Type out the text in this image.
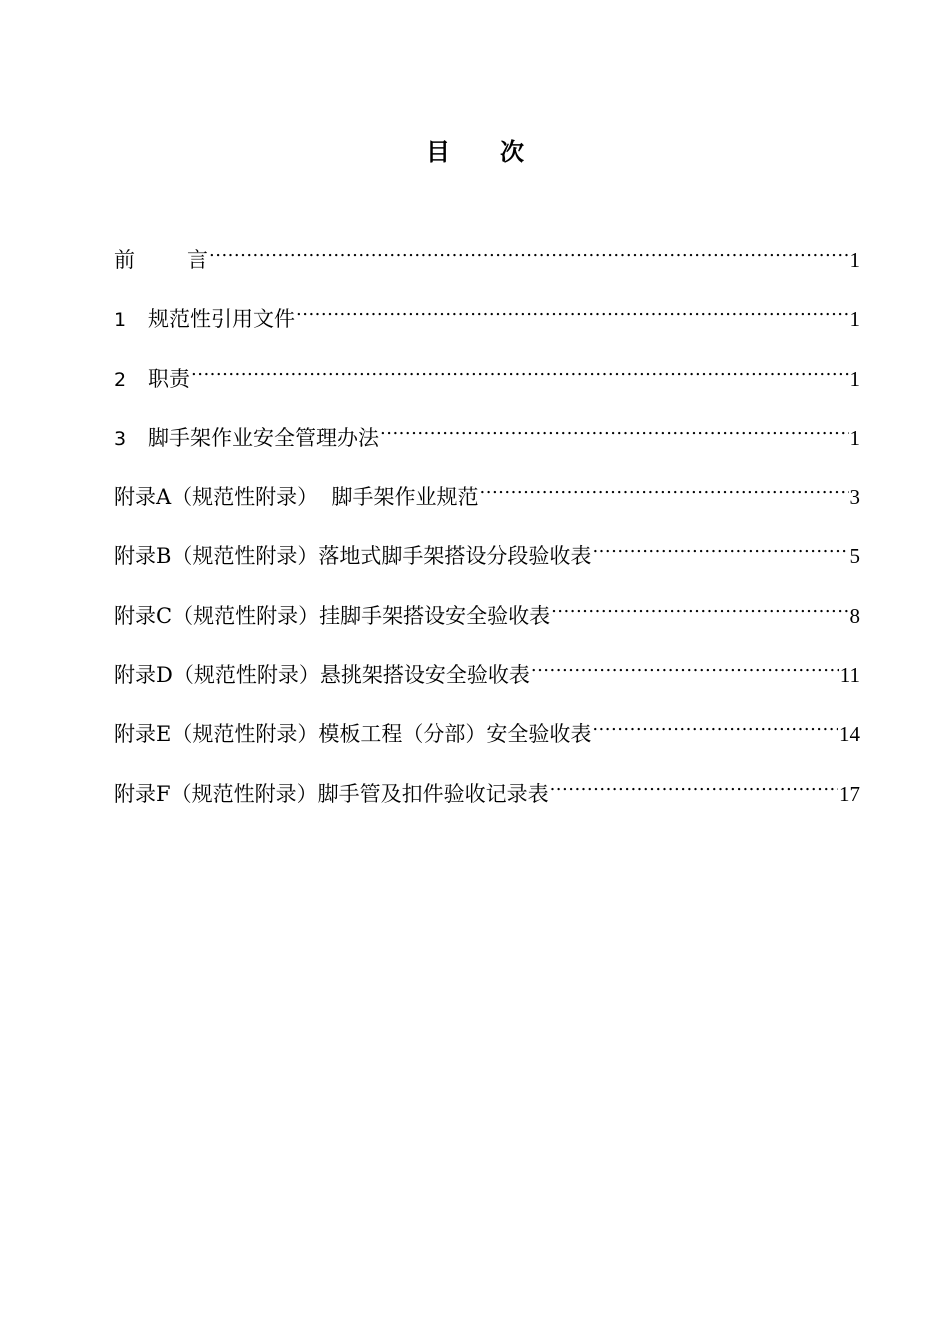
目 次
前 言 .....	1
1	规范性引用文件 .....	1
2	职责 .....	1
3	脚手架作业安全管理办法 .....	1
附录A（规范性附录）  脚手架作业规范 .....	3
附录B（规范性附录）落地式脚手架搭设分段验收表 .....	5
附录C（规范性附录）挂脚手架搭设安全验收表 .....	8
附录D（规范性附录）悬挑架搭设安全验收表 .....	11
附录E（规范性附录）模板工程（分部）安全验收表 .....	14
附录F（规范性附录）脚手管及扣件验收记录表 .....	17
